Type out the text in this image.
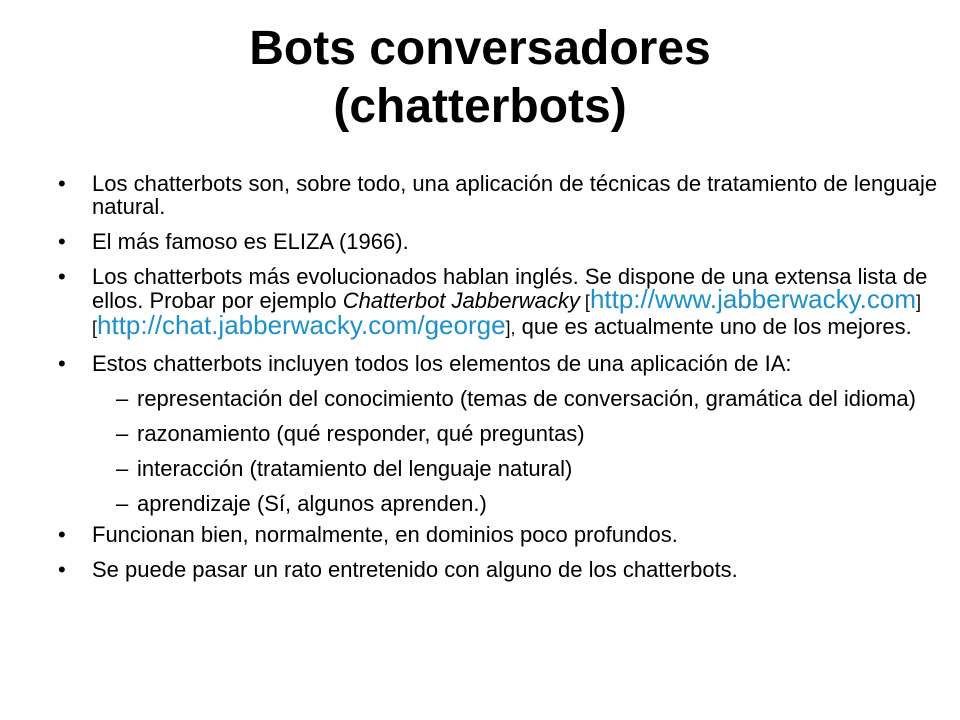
Bots conversadores
(chatterbots)
• Los chatterbots son, sobre todo, una aplicación de técnicas de tratamiento de lenguaje natural.
• El más famoso es ELIZA (1966).
• Los chatterbots más evolucionados hablan inglés. Se dispone de una extensa lista de ellos. Probar por ejemplo Chatterbot Jabberwacky [http://www.jabberwacky.com]
[http://chat.jabberwacky.com/george], que es actualmente uno de los mejores.
• Estos chatterbots incluyen todos los elementos de una aplicación de IA:
– representación del conocimiento (temas de conversación, gramática del idioma)
– razonamiento (qué responder, qué preguntas)
– interacción (tratamiento del lenguaje natural)
– aprendizaje (Sí, algunos aprenden.)
• Funcionan bien, normalmente, en dominios poco profundos.
• Se puede pasar un rato entretenido con alguno de los chatterbots.
